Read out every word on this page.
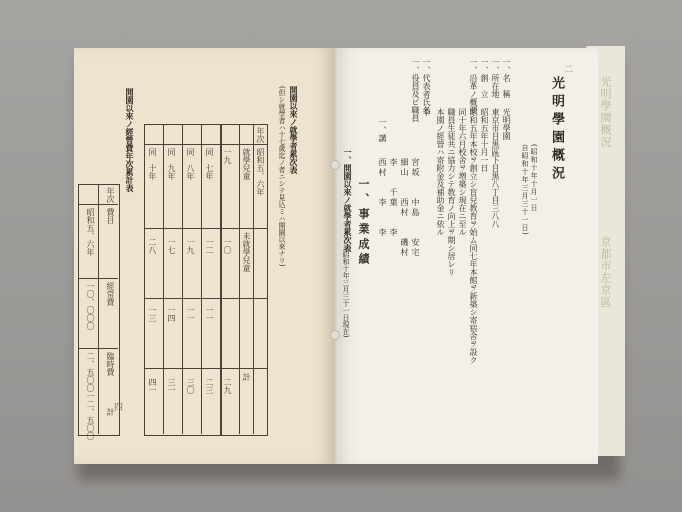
光明學園概況
京都市左京區
二
光明學園概況
(昭和十年十月一日
自昭和十年三月三十一日)
一、名　稱
光明學園
一、所在地
東京市目黒區下目黒八丁目三八八
一、創　立
昭和五年十月一日
一、沿革ノ概要
昭和五年本校ヲ創立シ盲兒教育ヲ始ム同七年本館ヲ新築シ寄宿舍ヲ設ク
同十年六月校舍ヲ増築シ現在ニ至ル
職員生徒共ニ協力シテ教育ノ向上ヲ期シ居レリ
本園ノ經營ハ寄附金及補助金ニ依ル
一、代表者氏名
李　　　　　
一、役員及ビ職員
宮坂　　中島　　安宅
細山　　西村　　磯村
李　　千葉　　李
西村　　李　　李
一、講
一、事業成績
(昭和十年三月三十一日現在)
一、開園以來ノ就學者累次表
四
開園以來ノ就學者累次表
(但シ就學者ハ十七歲迄ノ者ニシテ見込ミハ開園以來ナリ)
年次
就學兒童
未就學兒童
計
昭和五、六年
一九
一〇
二九
同　七年
一二
一一
二三
同　八年
一九
一一
三〇
同　九年
一七
一四
三一
同　十年
二八
一三
四一
開園以來ノ經營費年次累計表
年次
費目
經常費
臨時費
計
昭和五、六年
一〇、〇〇〇
二、五〇〇
一二、五〇〇
